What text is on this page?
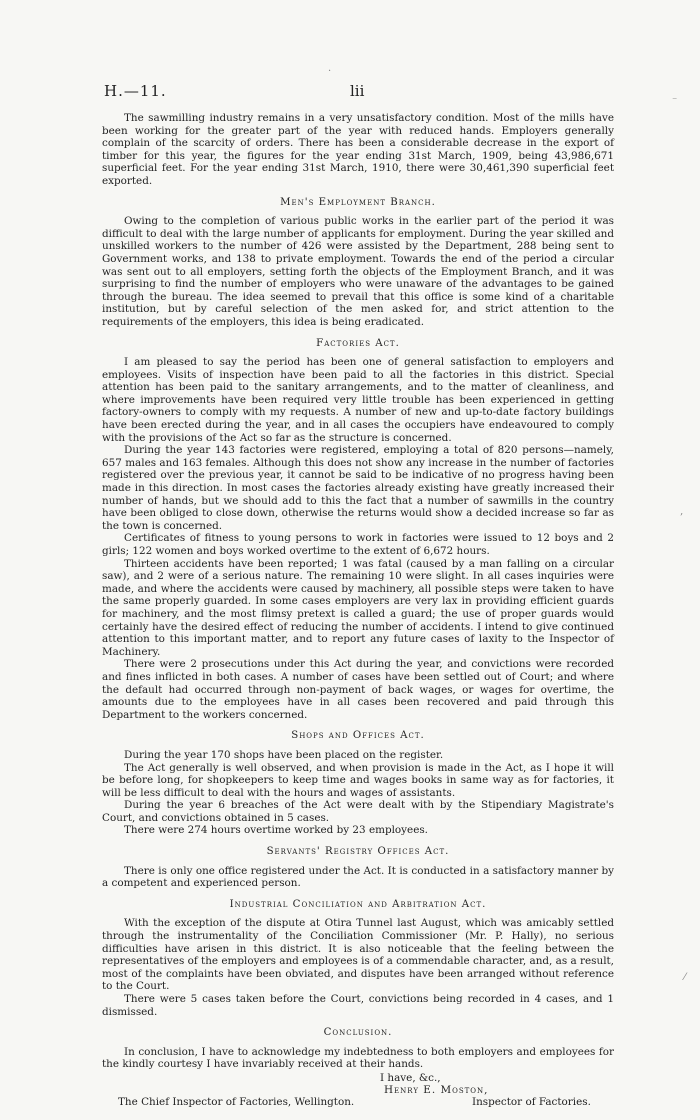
H.—11.	lii

The sawmilling industry remains in a very unsatisfactory condition. Most of the mills have been working for the greater part of the year with reduced hands. Employers generally complain of the scarcity of orders. There has been a considerable decrease in the export of timber for this year, the figures for the year ending 31st March, 1909, being 43,986,671 superficial feet. For the year ending 31st March, 1910, there were 30,461,390 superficial feet exported.

Men's Employment Branch.

Owing to the completion of various public works in the earlier part of the period it was difficult to deal with the large number of applicants for employment. During the year skilled and unskilled workers to the number of 426 were assisted by the Department, 288 being sent to Government works, and 138 to private employment. Towards the end of the period a circular was sent out to all employers, setting forth the objects of the Employment Branch, and it was surprising to find the number of employers who were unaware of the advantages to be gained through the bureau. The idea seemed to prevail that this office is some kind of a charitable institution, but by careful selection of the men asked for, and strict attention to the requirements of the employers, this idea is being eradicated.

Factories Act.

I am pleased to say the period has been one of general satisfaction to employers and employees. Visits of inspection have been paid to all the factories in this district. Special attention has been paid to the sanitary arrangements, and to the matter of cleanliness, and where improvements have been required very little trouble has been experienced in getting factory-owners to comply with my requests. A number of new and up-to-date factory buildings have been erected during the year, and in all cases the occupiers have endeavoured to comply with the provisions of the Act so far as the structure is concerned.

During the year 143 factories were registered, employing a total of 820 persons—namely, 657 males and 163 females. Although this does not show any increase in the number of factories registered over the previous year, it cannot be said to be indicative of no progress having been made in this direction. In most cases the factories already existing have greatly increased their number of hands, but we should add to this the fact that a number of sawmills in the country have been obliged to close down, otherwise the returns would show a decided increase so far as the town is concerned.

Certificates of fitness to young persons to work in factories were issued to 12 boys and 2 girls; 122 women and boys worked overtime to the extent of 6,672 hours.

Thirteen accidents have been reported; 1 was fatal (caused by a man falling on a circular saw), and 2 were of a serious nature. The remaining 10 were slight. In all cases inquiries were made, and where the accidents were caused by machinery, all possible steps were taken to have the same properly guarded. In some cases employers are very lax in providing efficient guards for machinery, and the most flimsy pretext is called a guard; the use of proper guards would certainly have the desired effect of reducing the number of accidents. I intend to give continued attention to this important matter, and to report any future cases of laxity to the Inspector of Machinery.

There were 2 prosecutions under this Act during the year, and convictions were recorded and fines inflicted in both cases. A number of cases have been settled out of Court; and where the default had occurred through non-payment of back wages, or wages for overtime, the amounts due to the employees have in all cases been recovered and paid through this Department to the workers concerned.

Shops and Offices Act.

During the year 170 shops have been placed on the register.

The Act generally is well observed, and when provision is made in the Act, as I hope it will be before long, for shopkeepers to keep time and wages books in same way as for factories, it will be less difficult to deal with the hours and wages of assistants.

During the year 6 breaches of the Act were dealt with by the Stipendiary Magistrate's Court, and convictions obtained in 5 cases.

There were 274 hours overtime worked by 23 employees.

Servants' Registry Offices Act.

There is only one office registered under the Act. It is conducted in a satisfactory manner by a competent and experienced person.

Industrial Conciliation and Arbitration Act.

With the exception of the dispute at Otira Tunnel last August, which was amicably settled through the instrumentality of the Conciliation Commissioner (Mr. P. Hally), no serious difficulties have arisen in this district. It is also noticeable that the feeling between the representatives of the employers and employees is of a commendable character, and, as a result, most of the complaints have been obviated, and disputes have been arranged without reference to the Court.

There were 5 cases taken before the Court, convictions being recorded in 4 cases, and 1 dismissed.

Conclusion.

In conclusion, I have to acknowledge my indebtedness to both employers and employees for the kindly courtesy I have invariably received at their hands.

I have, &c.,
Henry E. Moston,
The Chief Inspector of Factories, Wellington.	Inspector of Factories.
·
⁻
‚
⁄
